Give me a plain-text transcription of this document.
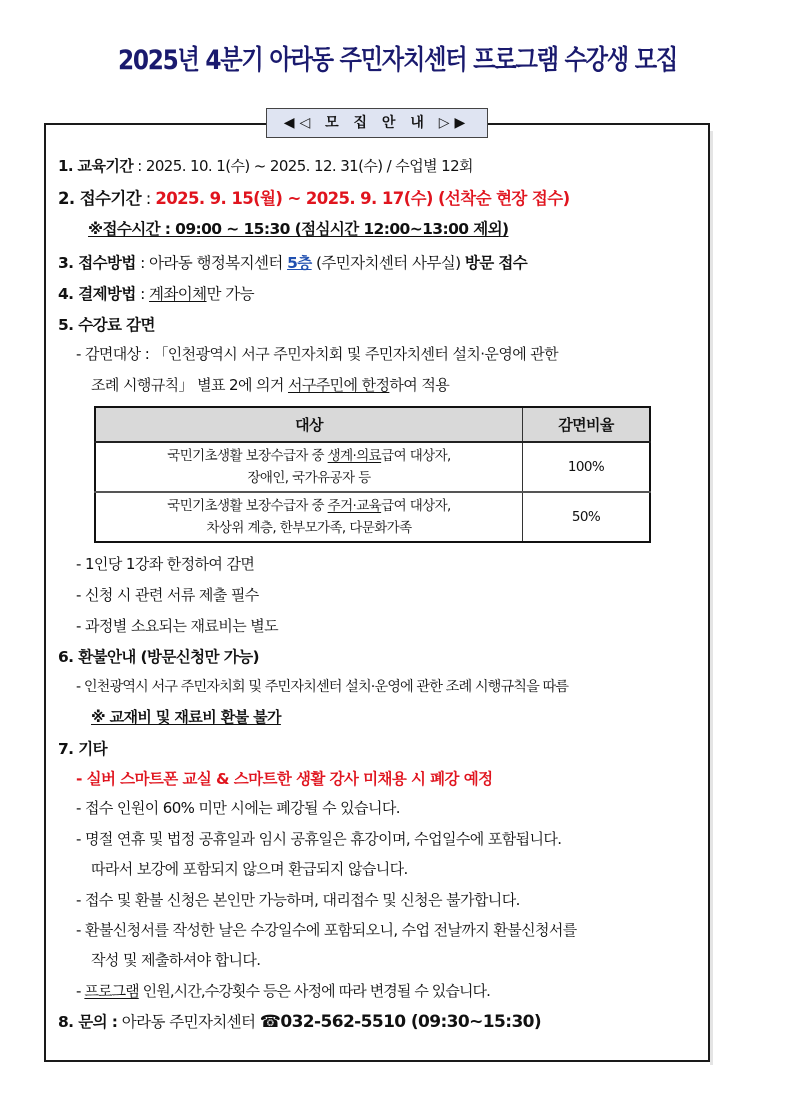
2025년 4분기 아라동 주민자치센터 프로그램 수강생 모집
◀◁ 모 집 안 내 ▷▶
1. 교육기간 : 2025. 10. 1(수) ~ 2025. 12. 31(수) / 수업별 12회
2. 접수기간 : 2025. 9. 15(월) ~ 2025. 9. 17(수) (선착순 현장 접수)
※접수시간 : 09:00 ~ 15:30 (점심시간 12:00~13:00 제외)
3. 접수방법 : 아라동 행정복지센터 5층 (주민자치센터 사무실) 방문 접수
4. 결제방법 : 계좌이체만 가능
5. 수강료 감면
- 감면대상 : 「인천광역시 서구 주민자치회 및 주민자치센터 설치·운영에 관한
조례 시행규칙」 별표 2에 의거 서구주민에 한정하여 적용
대상	감면비율
국민기초생활 보장수급자 중 생계·의료급여 대상자,
장애인, 국가유공자 등	100%
국민기초생활 보장수급자 중 주거·교육급여 대상자,
차상위 계층, 한부모가족, 다문화가족	50%
- 1인당 1강좌 한정하여 감면
- 신청 시 관련 서류 제출 필수
- 과정별 소요되는 재료비는 별도
6. 환불안내 (방문신청만 가능)
- 인천광역시 서구 주민자치회 및 주민자치센터 설치·운영에 관한 조례 시행규칙을 따름
※ 교재비 및 재료비 환불 불가
7. 기타
- 실버 스마트폰 교실 & 스마트한 생활 강사 미채용 시 폐강 예정
- 접수 인원이 60% 미만 시에는 폐강될 수 있습니다.
- 명절 연휴 및 법정 공휴일과 임시 공휴일은 휴강이며, 수업일수에 포함됩니다.
따라서 보강에 포함되지 않으며 환급되지 않습니다.
- 접수 및 환불 신청은 본인만 가능하며, 대리접수 및 신청은 불가합니다.
- 환불신청서를 작성한 날은 수강일수에 포함되오니, 수업 전날까지 환불신청서를
작성 및 제출하셔야 합니다.
- 프로그램 인원,시간,수강횟수 등은 사정에 따라 변경될 수 있습니다.
8. 문의 : 아라동 주민자치센터 ☎032-562-5510 (09:30~15:30)
